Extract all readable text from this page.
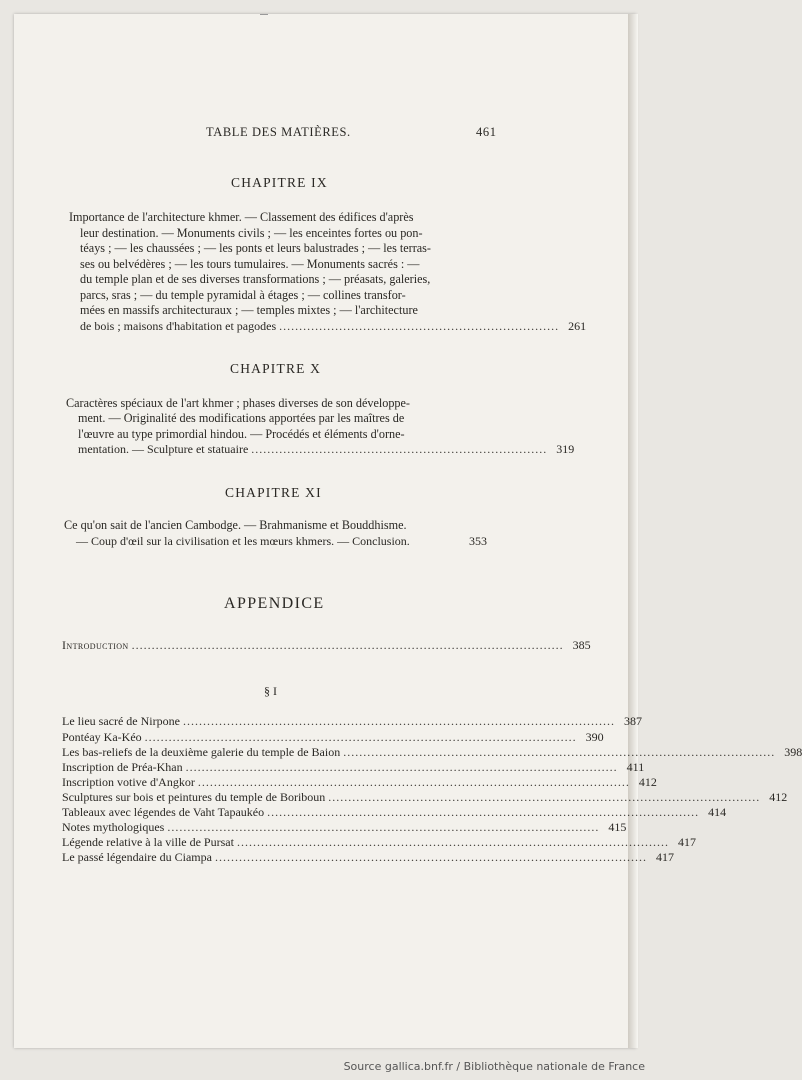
TABLE DES MATIÈRES.	461
CHAPITRE IX
Importance de l'architecture khmer. — Classement des édifices d'après
leur destination. — Monuments civils ; — les enceintes fortes ou pon-
téays ; — les chaussées ; — les ponts et leurs balustrades ; — les terras-
ses ou belvédères ; — les tours tumulaires. — Monuments sacrés : —
du temple plan et de ses diverses transformations ; — préasats, galeries,
parcs, sras ; — du temple pyramidal à étages ; — collines transfor-
mées en massifs architecturaux ; — temples mixtes ; — l'architecture
de bois ; maisons d'habitation et pagodes ...................................................................... 261
CHAPITRE X
Caractères spéciaux de l'art khmer ; phases diverses de son développe-
ment. — Originalité des modifications apportées par les maîtres de
l'œuvre au type primordial hindou. — Procédés et éléments d'orne-
mentation. — Sculpture et statuaire .......................................................................... 319
CHAPITRE XI
Ce qu'on sait de l'ancien Cambodge. — Brahmanisme et Bouddhisme.
— Coup d'œil sur la civilisation et les mœurs khmers. — Conclusion.	353
APPENDICE
Introduction ............................................................................................................ 385
§ I
Le lieu sacré de Nirpone ............................................................................................................ 387
Pontéay Ka-Kéo ............................................................................................................ 390
Les bas-reliefs de la deuxième galerie du temple de Baion ............................................................................................................ 398
Inscription de Préa-Khan ............................................................................................................ 411
Inscription votive d'Angkor ............................................................................................................ 412
Sculptures sur bois et peintures du temple de Boriboun ............................................................................................................ 412
Tableaux avec légendes de Vaht Tapaukéo ............................................................................................................ 414
Notes mythologiques ............................................................................................................ 415
Légende relative à la ville de Pursat ............................................................................................................ 417
Le passé légendaire du Ciampa ............................................................................................................ 417
Source gallica.bnf.fr / Bibliothèque nationale de France
